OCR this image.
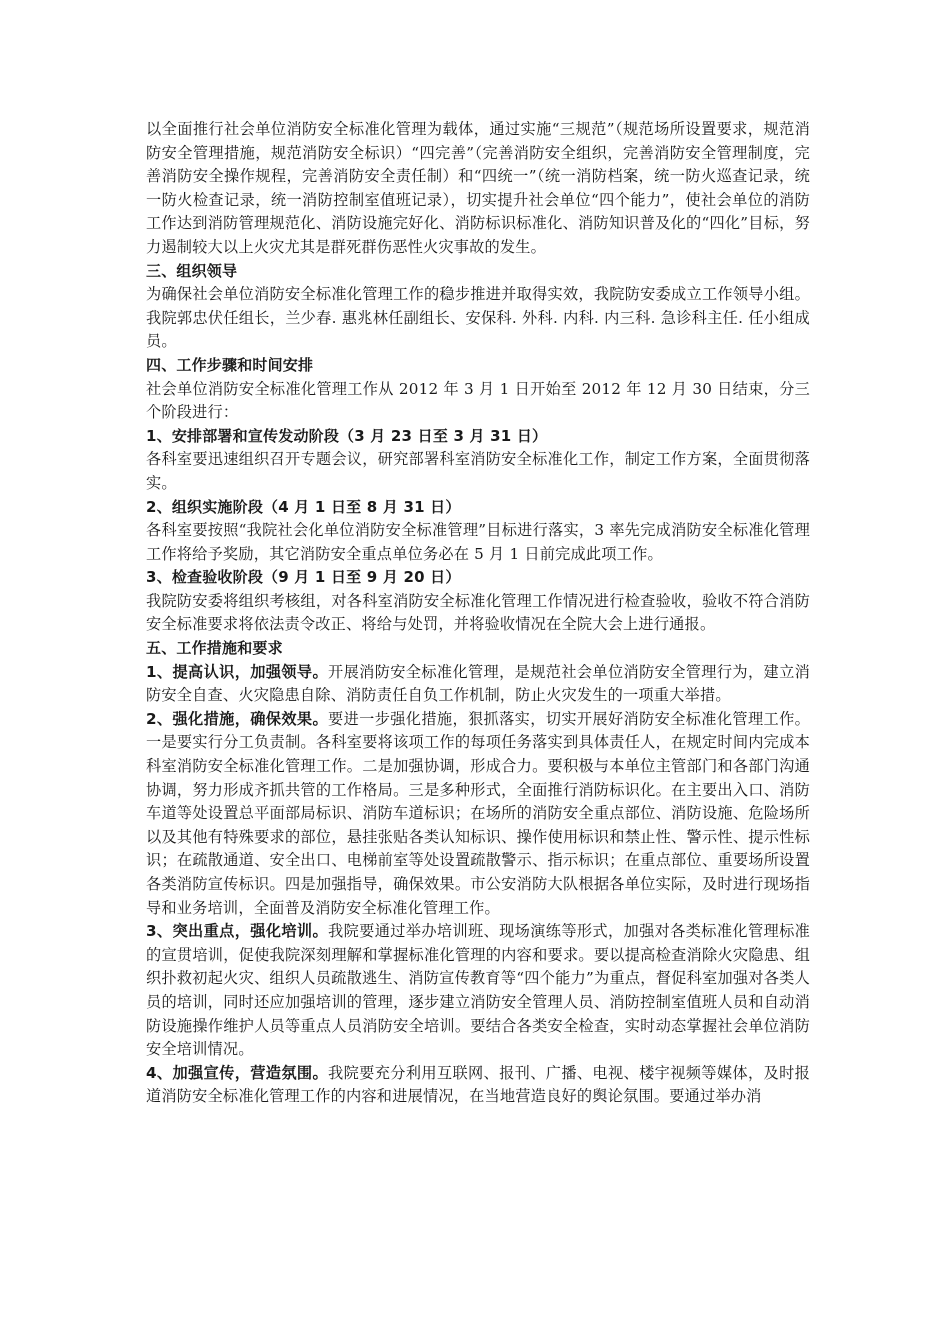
以全面推行社会单位消防安全标准化管理为载体，通过实施“三规范”（规范场所设置要求，规范消防安全管理措施，规范消防安全标识）“四完善”（完善消防安全组织，完善消防安全管理制度，完善消防安全操作规程，完善消防安全责任制）和“四统一”（统一消防档案，统一防火巡查记录，统一防火检查记录，统一消防控制室值班记录），切实提升社会单位“四个能力”，使社会单位的消防工作达到消防管理规范化、消防设施完好化、消防标识标准化、消防知识普及化的“四化”目标，努力遏制较大以上火灾尤其是群死群伤恶性火灾事故的发生。

三、组织领导

为确保社会单位消防安全标准化管理工作的稳步推进并取得实效，我院防安委成立工作领导小组。我院郭忠伏任组长，兰少春. 惠兆林任副组长、安保科. 外科. 内科. 内三科. 急诊科主任. 任小组成员。

四、工作步骤和时间安排

社会单位消防安全标准化管理工作从 2012 年 3 月 1 日开始至 2012 年 12 月 30 日结束，分三个阶段进行：

1、安排部署和宣传发动阶段（3 月 23 日至 3 月 31 日）

各科室要迅速组织召开专题会议，研究部署科室消防安全标准化工作，制定工作方案，全面贯彻落实。

2、组织实施阶段（4 月 1 日至 8 月 31 日）

各科室要按照“我院社会化单位消防安全标准管理”目标进行落实，3 率先完成消防安全标准化管理工作将给予奖励，其它消防安全重点单位务必在 5 月 1 日前完成此项工作。

3、检查验收阶段（9 月 1 日至 9 月 20 日）

我院防安委将组织考核组，对各科室消防安全标准化管理工作情况进行检查验收，验收不符合消防安全标准要求将依法责令改正、将给与处罚，并将验收情况在全院大会上进行通报。

五、工作措施和要求

1、提高认识，加强领导。开展消防安全标准化管理，是规范社会单位消防安全管理行为，建立消防安全自查、火灾隐患自除、消防责任自负工作机制，防止火灾发生的一项重大举措。

2、强化措施，确保效果。要进一步强化措施，狠抓落实，切实开展好消防安全标准化管理工作。一是要实行分工负责制。各科室要将该项工作的每项任务落实到具体责任人，在规定时间内完成本科室消防安全标准化管理工作。二是加强协调，形成合力。要积极与本单位主管部门和各部门沟通协调，努力形成齐抓共管的工作格局。三是多种形式，全面推行消防标识化。在主要出入口、消防车道等处设置总平面部局标识、消防车道标识；在场所的消防安全重点部位、消防设施、危险场所以及其他有特殊要求的部位，悬挂张贴各类认知标识、操作使用标识和禁止性、警示性、提示性标识；在疏散通道、安全出口、电梯前室等处设置疏散警示、指示标识；在重点部位、重要场所设置各类消防宣传标识。四是加强指导，确保效果。市公安消防大队根据各单位实际，及时进行现场指导和业务培训，全面普及消防安全标准化管理工作。

3、突出重点，强化培训。我院要通过举办培训班、现场演练等形式，加强对各类标准化管理标准的宣贯培训，促使我院深刻理解和掌握标准化管理的内容和要求。要以提高检查消除火灾隐患、组织扑救初起火灾、组织人员疏散逃生、消防宣传教育等“四个能力”为重点，督促科室加强对各类人员的培训，同时还应加强培训的管理，逐步建立消防安全管理人员、消防控制室值班人员和自动消防设施操作维护人员等重点人员消防安全培训。要结合各类安全检查，实时动态掌握社会单位消防安全培训情况。

4、加强宣传，营造氛围。我院要充分利用互联网、报刊、广播、电视、楼宇视频等媒体，及时报道消防安全标准化管理工作的内容和进展情况，在当地营造良好的舆论氛围。要通过举办消
